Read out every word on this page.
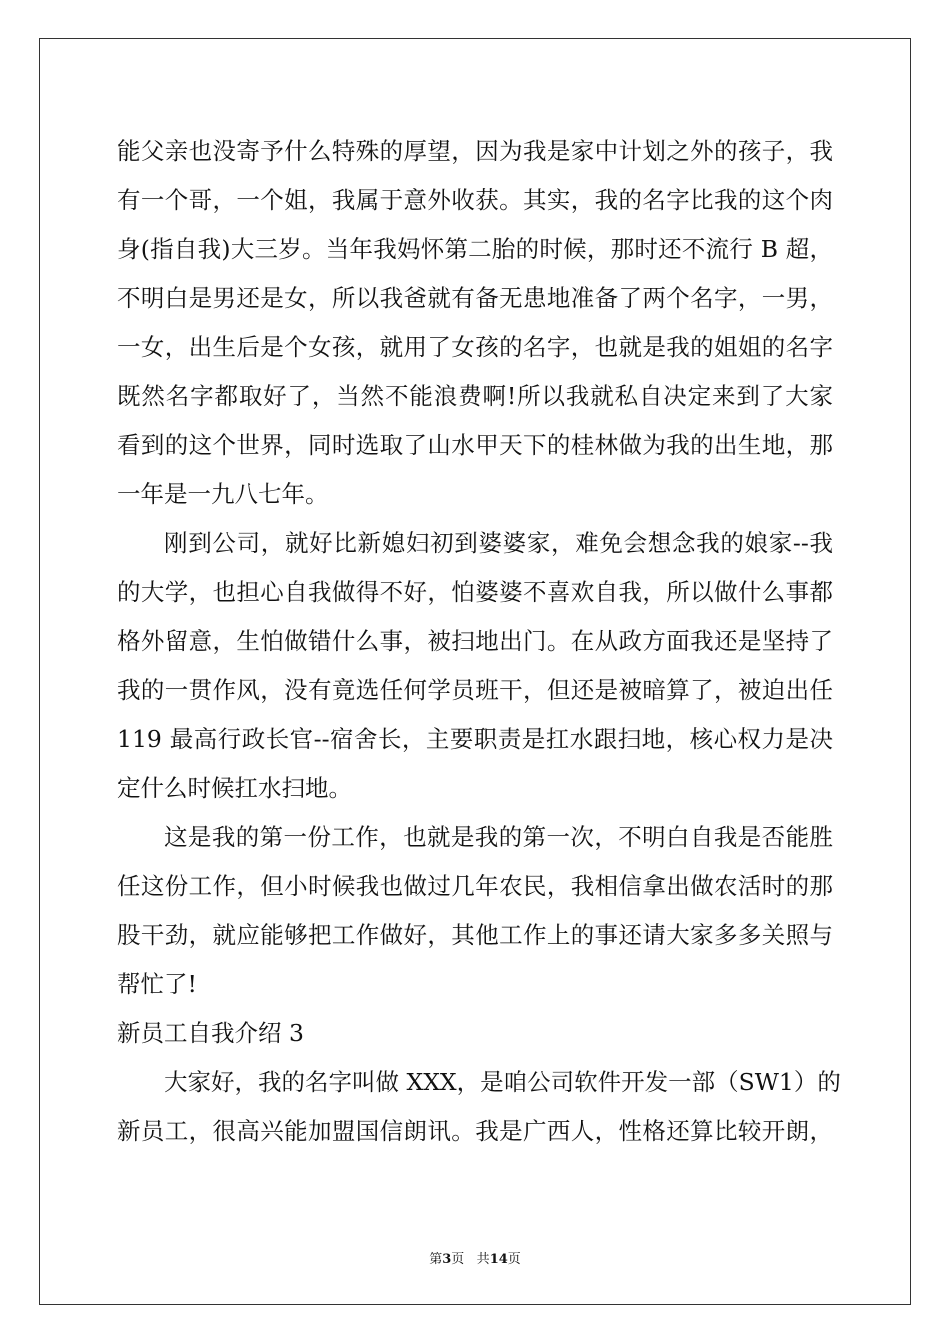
能父亲也没寄予什么特殊的厚望，因为我是家中计划之外的孩子，我
有一个哥，一个姐，我属于意外收获。其实，我的名字比我的这个肉
身(指自我)大三岁。当年我妈怀第二胎的时候，那时还不流行 B 超，
不明白是男还是女，所以我爸就有备无患地准备了两个名字，一男，
一女，出生后是个女孩，就用了女孩的名字，也就是我的姐姐的名字
既然名字都取好了，当然不能浪费啊!所以我就私自决定来到了大家
看到的这个世界，同时选取了山水甲天下的桂林做为我的出生地，那
一年是一九八七年。
刚到公司，就好比新媳妇初到婆婆家，难免会想念我的娘家--我
的大学，也担心自我做得不好，怕婆婆不喜欢自我，所以做什么事都
格外留意，生怕做错什么事，被扫地出门。在从政方面我还是坚持了
我的一贯作风，没有竟选任何学员班干，但还是被暗算了，被迫出任
119 最高行政长官--宿舍长，主要职责是扛水跟扫地，核心权力是决
定什么时候扛水扫地。
这是我的第一份工作，也就是我的第一次，不明白自我是否能胜
任这份工作，但小时候我也做过几年农民，我相信拿出做农活时的那
股干劲，就应能够把工作做好，其他工作上的事还请大家多多关照与
帮忙了!
新员工自我介绍 3
大家好，我的名字叫做 XXX，是咱公司软件开发一部（SW1）的
新员工，很高兴能加盟国信朗讯。我是广西人，性格还算比较开朗，
第3页 共14页
